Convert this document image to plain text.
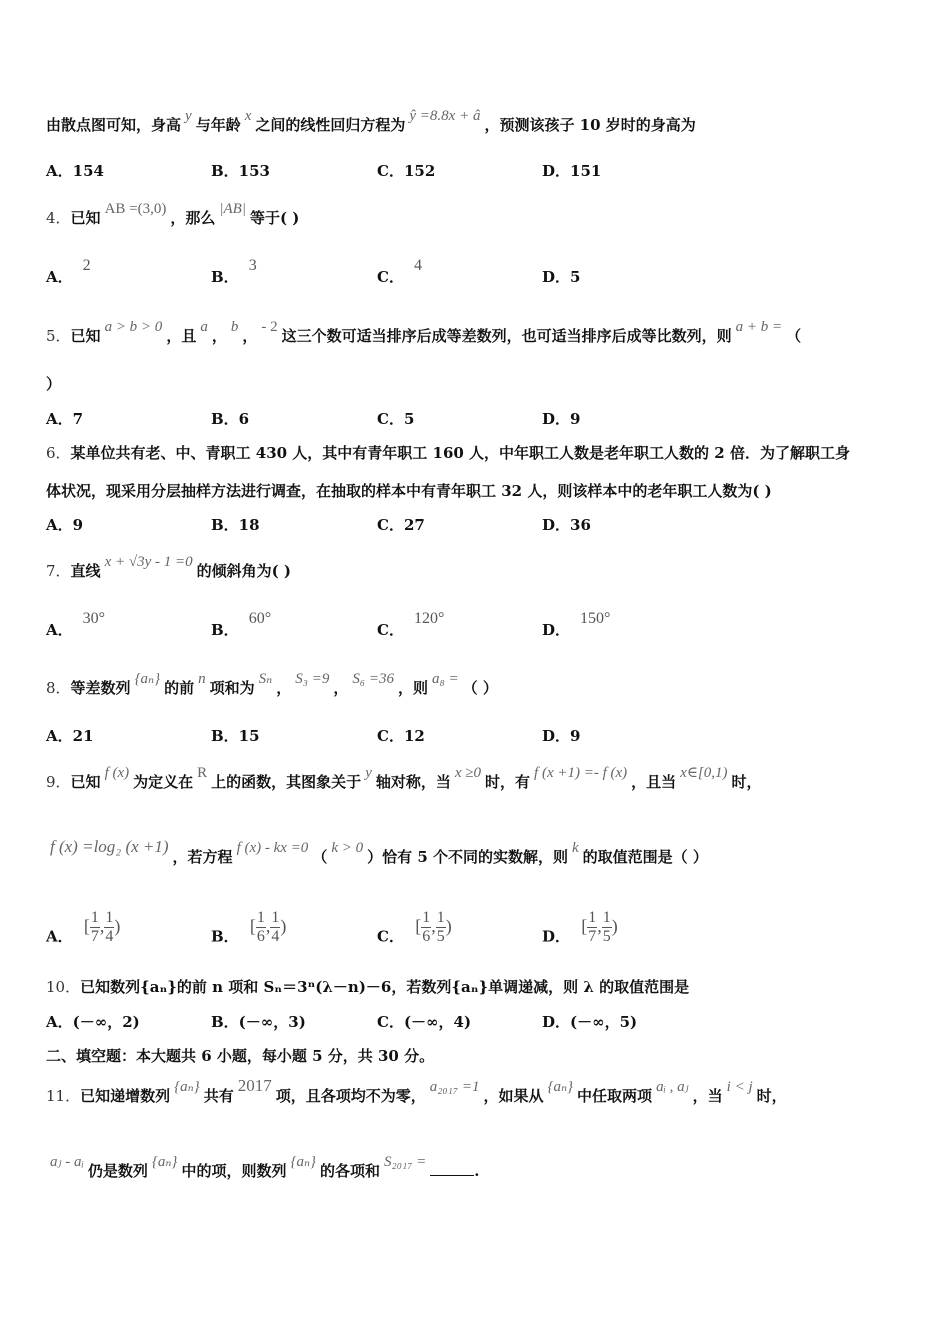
由散点图可知，身高 y 与年龄 x 之间的线性回归方程为 ŷ =8.8x + â ，预测该孩子 10 岁时的身高为
A．154	B．153	C．152	D．151
4．已知 AB =(3,0) ，那么 |AB| 等于( )
A．2
B．3
C．4
D．5
5．已知 a > b > 0 ，且 a ， b ， - 2 这三个数可适当排序后成等差数列，也可适当排序后成等比数列，则 a + b = （
）
A．7	B．6	C．5	D．9
6．某单位共有老、中、青职工 430 人，其中有青年职工 160 人，中年职工人数是老年职工人数的 2 倍．为了解职工身
体状况，现采用分层抽样方法进行调查，在抽取的样本中有青年职工 32 人，则该样本中的老年职工人数为( )
A．9	B．18	C．27	D．36
7．直线 x + √3y - 1 =0 的倾斜角为( )
A．30°
B．60°
C．120°
D．150°
8．等差数列 {aₙ} 的前 n 项和为 Sₙ ， S₃ =9 ， S₆ =36 ，则 a₈ = （ ）
A．21	B．15	C．12	D．9
9．已知 f (x) 为定义在 R 上的函数，其图象关于 y 轴对称，当 x ≥0 时，有 f (x +1) =- f (x) ，且当 x∈[0,1) 时，
f (x) =log₂ (x +1)，若方程 f (x) - kx =0 （ k > 0 ）恰有 5 个不同的实数解，则 k 的取值范围是（ ）
A． [ $\frac{1}{7}$ , $\frac{1}{4}$ )
B． [ $\frac{1}{6}$ , $\frac{1}{4}$ )
C． [ $\frac{1}{6}$ , $\frac{1}{5}$ )
D． [ $\frac{1}{7}$ , $\frac{1}{5}$ )
10．已知数列{aₙ}的前 n 项和 Sₙ＝3ⁿ(λ－n)－6，若数列{aₙ}单调递减，则 λ 的取值范围是
A．(－∞，2)	B．(－∞，3)	C．(－∞，4)	D．(－∞，5)
二、填空题：本大题共 6 小题，每小题 5 分，共 30 分。
11．已知递增数列 {aₙ} 共有2017项，且各项均不为零， a₂₀₁₇ =1 ，如果从 {aₙ} 中任取两项 aᵢ , aⱼ ，当 i < j 时，
aⱼ - aᵢ 仍是数列 {aₙ} 中的项，则数列 {aₙ} 的各项和 S₂₀₁₇ =	.
